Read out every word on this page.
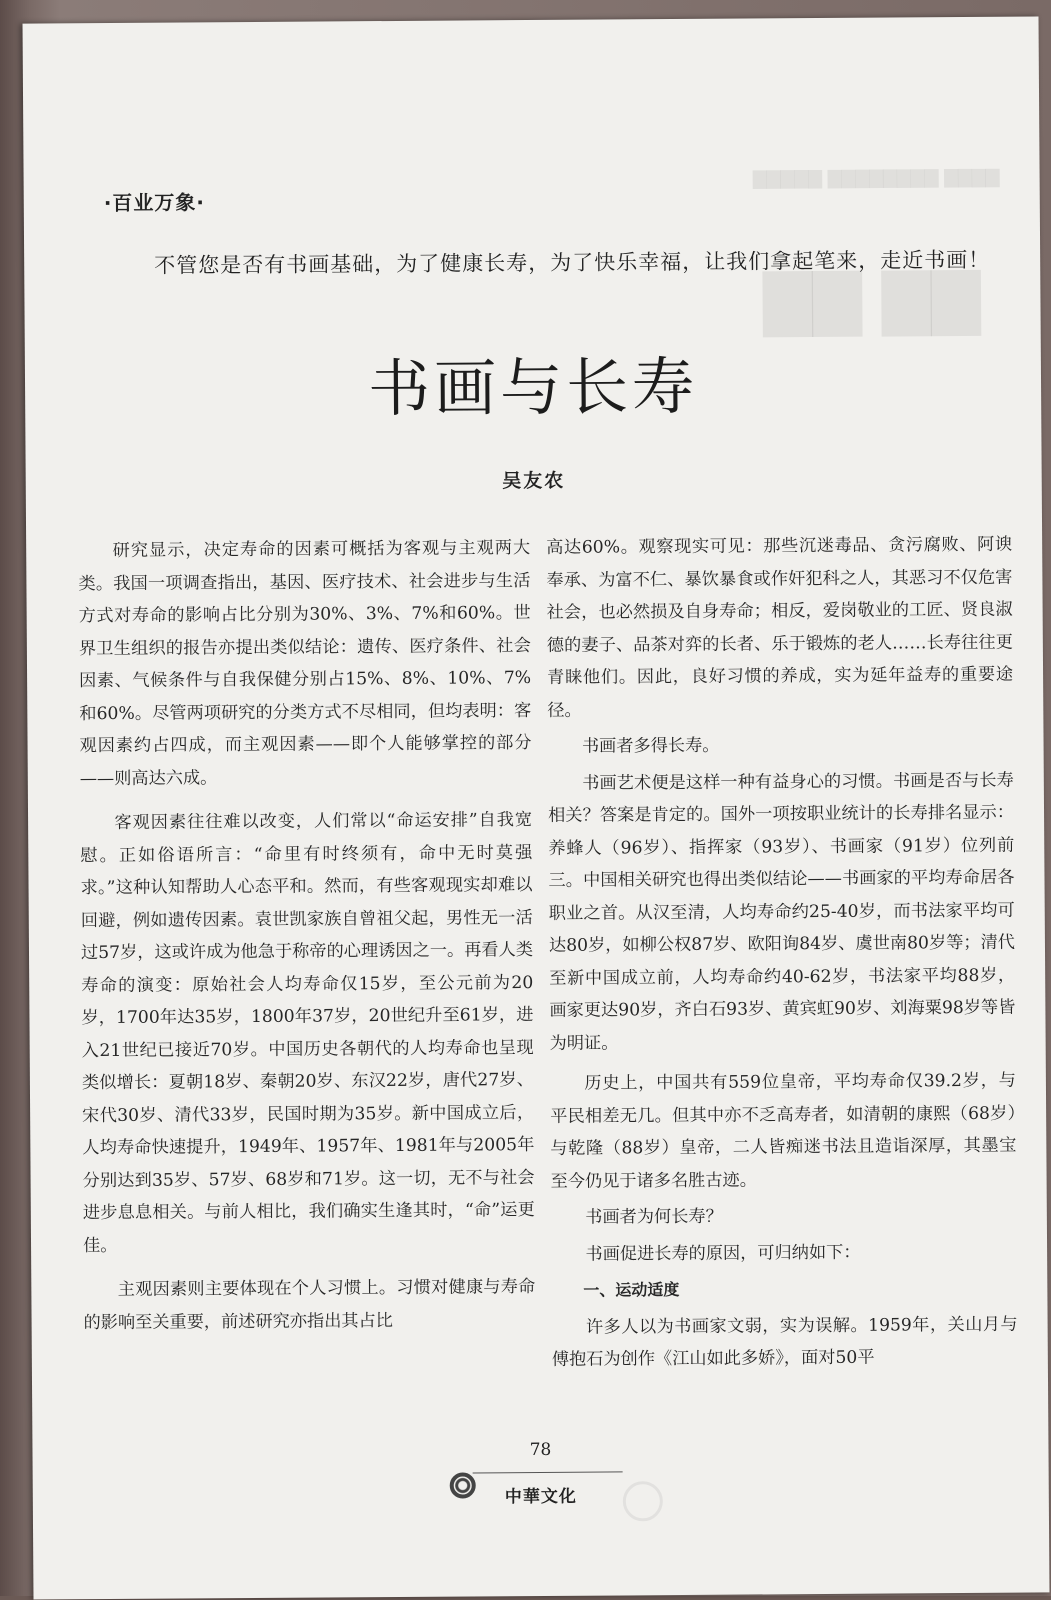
▇▇ ▇▇
▇▇▇▇▇ ▇▇▇▇▇▇▇▇ ▇▇▇▇
·百业万象·
不管您是否有书画基础，为了健康长寿，为了快乐幸福，让我们拿起笔来，走近书画！
书画与长寿
吴友农

研究显示，决定寿命的因素可概括为客观与主观两大类。我国一项调查指出，基因、医疗技术、社会进步与生活方式对寿命的影响占比分别为30%、3%、7%和60%。世界卫生组织的报告亦提出类似结论：遗传、医疗条件、社会因素、气候条件与自我保健分别占15%、8%、10%、7%和60%。尽管两项研究的分类方式不尽相同，但均表明：客观因素约占四成，而主观因素——即个人能够掌控的部分——则高达六成。

客观因素往往难以改变，人们常以“命运安排”自我宽慰。正如俗语所言：“命里有时终须有，命中无时莫强求。”这种认知帮助人心态平和。然而，有些客观现实却难以回避，例如遗传因素。袁世凯家族自曾祖父起，男性无一活过57岁，这或许成为他急于称帝的心理诱因之一。再看人类寿命的演变：原始社会人均寿命仅15岁，至公元前为20岁，1700年达35岁，1800年37岁，20世纪升至61岁，进入21世纪已接近70岁。中国历史各朝代的人均寿命也呈现类似增长：夏朝18岁、秦朝20岁、东汉22岁，唐代27岁、宋代30岁、清代33岁，民国时期为35岁。新中国成立后，人均寿命快速提升，1949年、1957年、1981年与2005年分别达到35岁、57岁、68岁和71岁。这一切，无不与社会进步息息相关。与前人相比，我们确实生逢其时，“命”运更佳。

主观因素则主要体现在个人习惯上。习惯对健康与寿命的影响至关重要，前述研究亦指出其占比

高达60%。观察现实可见：那些沉迷毒品、贪污腐败、阿谀奉承、为富不仁、暴饮暴食或作奸犯科之人，其恶习不仅危害社会，也必然损及自身寿命；相反，爱岗敬业的工匠、贤良淑德的妻子、品茶对弈的长者、乐于锻炼的老人……长寿往往更青睐他们。因此，良好习惯的养成，实为延年益寿的重要途径。

书画者多得长寿。

书画艺术便是这样一种有益身心的习惯。书画是否与长寿相关？答案是肯定的。国外一项按职业统计的长寿排名显示：养蜂人（96岁）、指挥家（93岁）、书画家（91岁）位列前三。中国相关研究也得出类似结论——书画家的平均寿命居各职业之首。从汉至清，人均寿命约25-40岁，而书法家平均可达80岁，如柳公权87岁、欧阳询84岁、虞世南80岁等；清代至新中国成立前，人均寿命约40-62岁，书法家平均88岁，画家更达90岁，齐白石93岁、黄宾虹90岁、刘海粟98岁等皆为明证。

历史上，中国共有559位皇帝，平均寿命仅39.2岁，与平民相差无几。但其中亦不乏高寿者，如清朝的康熙（68岁）与乾隆（88岁）皇帝，二人皆痴迷书法且造诣深厚，其墨宝至今仍见于诸多名胜古迹。

书画者为何长寿？

书画促进长寿的原因，可归纳如下：

一、运动适度

许多人以为书画家文弱，实为误解。1959年，关山月与傅抱石为创作《江山如此多娇》，面对50平

78
中華文化
